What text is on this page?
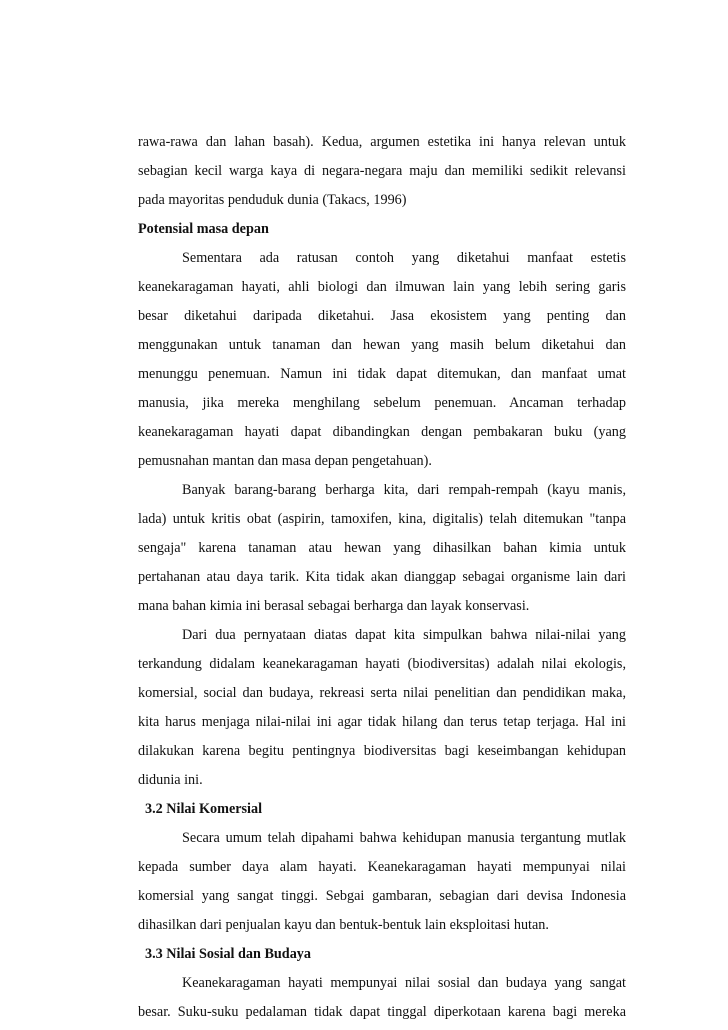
rawa-rawa dan lahan basah). Kedua, argumen estetika ini hanya relevan untuk
sebagian kecil warga kaya di negara-negara maju dan memiliki sedikit relevansi
pada mayoritas penduduk dunia (Takacs, 1996)
Potensial masa depan
Sementara ada ratusan contoh yang diketahui manfaat estetis
keanekaragaman hayati, ahli biologi dan ilmuwan lain yang lebih sering garis
besar diketahui daripada diketahui. Jasa ekosistem yang penting dan
menggunakan untuk tanaman dan hewan yang masih belum diketahui dan
menunggu penemuan. Namun ini tidak dapat ditemukan, dan manfaat umat
manusia, jika mereka menghilang sebelum penemuan. Ancaman terhadap
keanekaragaman hayati dapat dibandingkan dengan pembakaran buku (yang
pemusnahan mantan dan masa depan pengetahuan).
Banyak barang-barang berharga kita, dari rempah-rempah (kayu manis,
lada) untuk kritis obat (aspirin, tamoxifen, kina, digitalis) telah ditemukan "tanpa
sengaja" karena tanaman atau hewan yang dihasilkan bahan kimia untuk
pertahanan atau daya tarik. Kita tidak akan dianggap sebagai organisme lain dari
mana bahan kimia ini berasal sebagai berharga dan layak konservasi.
Dari dua pernyataan diatas dapat kita simpulkan bahwa nilai-nilai yang
terkandung didalam keanekaragaman hayati (biodiversitas) adalah nilai ekologis,
komersial, social dan budaya, rekreasi serta nilai penelitian dan pendidikan maka,
kita harus menjaga nilai-nilai ini agar tidak hilang dan terus tetap terjaga. Hal ini
dilakukan karena begitu pentingnya biodiversitas bagi keseimbangan kehidupan
didunia ini.
3.2 Nilai Komersial
Secara umum telah dipahami bahwa kehidupan manusia tergantung mutlak
kepada sumber daya alam hayati. Keanekaragaman hayati mempunyai nilai
komersial yang sangat tinggi. Sebgai gambaran, sebagian dari devisa Indonesia
dihasilkan dari penjualan kayu dan bentuk-bentuk lain eksploitasi hutan.
3.3 Nilai Sosial dan Budaya
Keanekaragaman hayati mempunyai nilai sosial dan budaya yang sangat
besar. Suku-suku pedalaman tidak dapat tinggal diperkotaan karena bagi mereka
